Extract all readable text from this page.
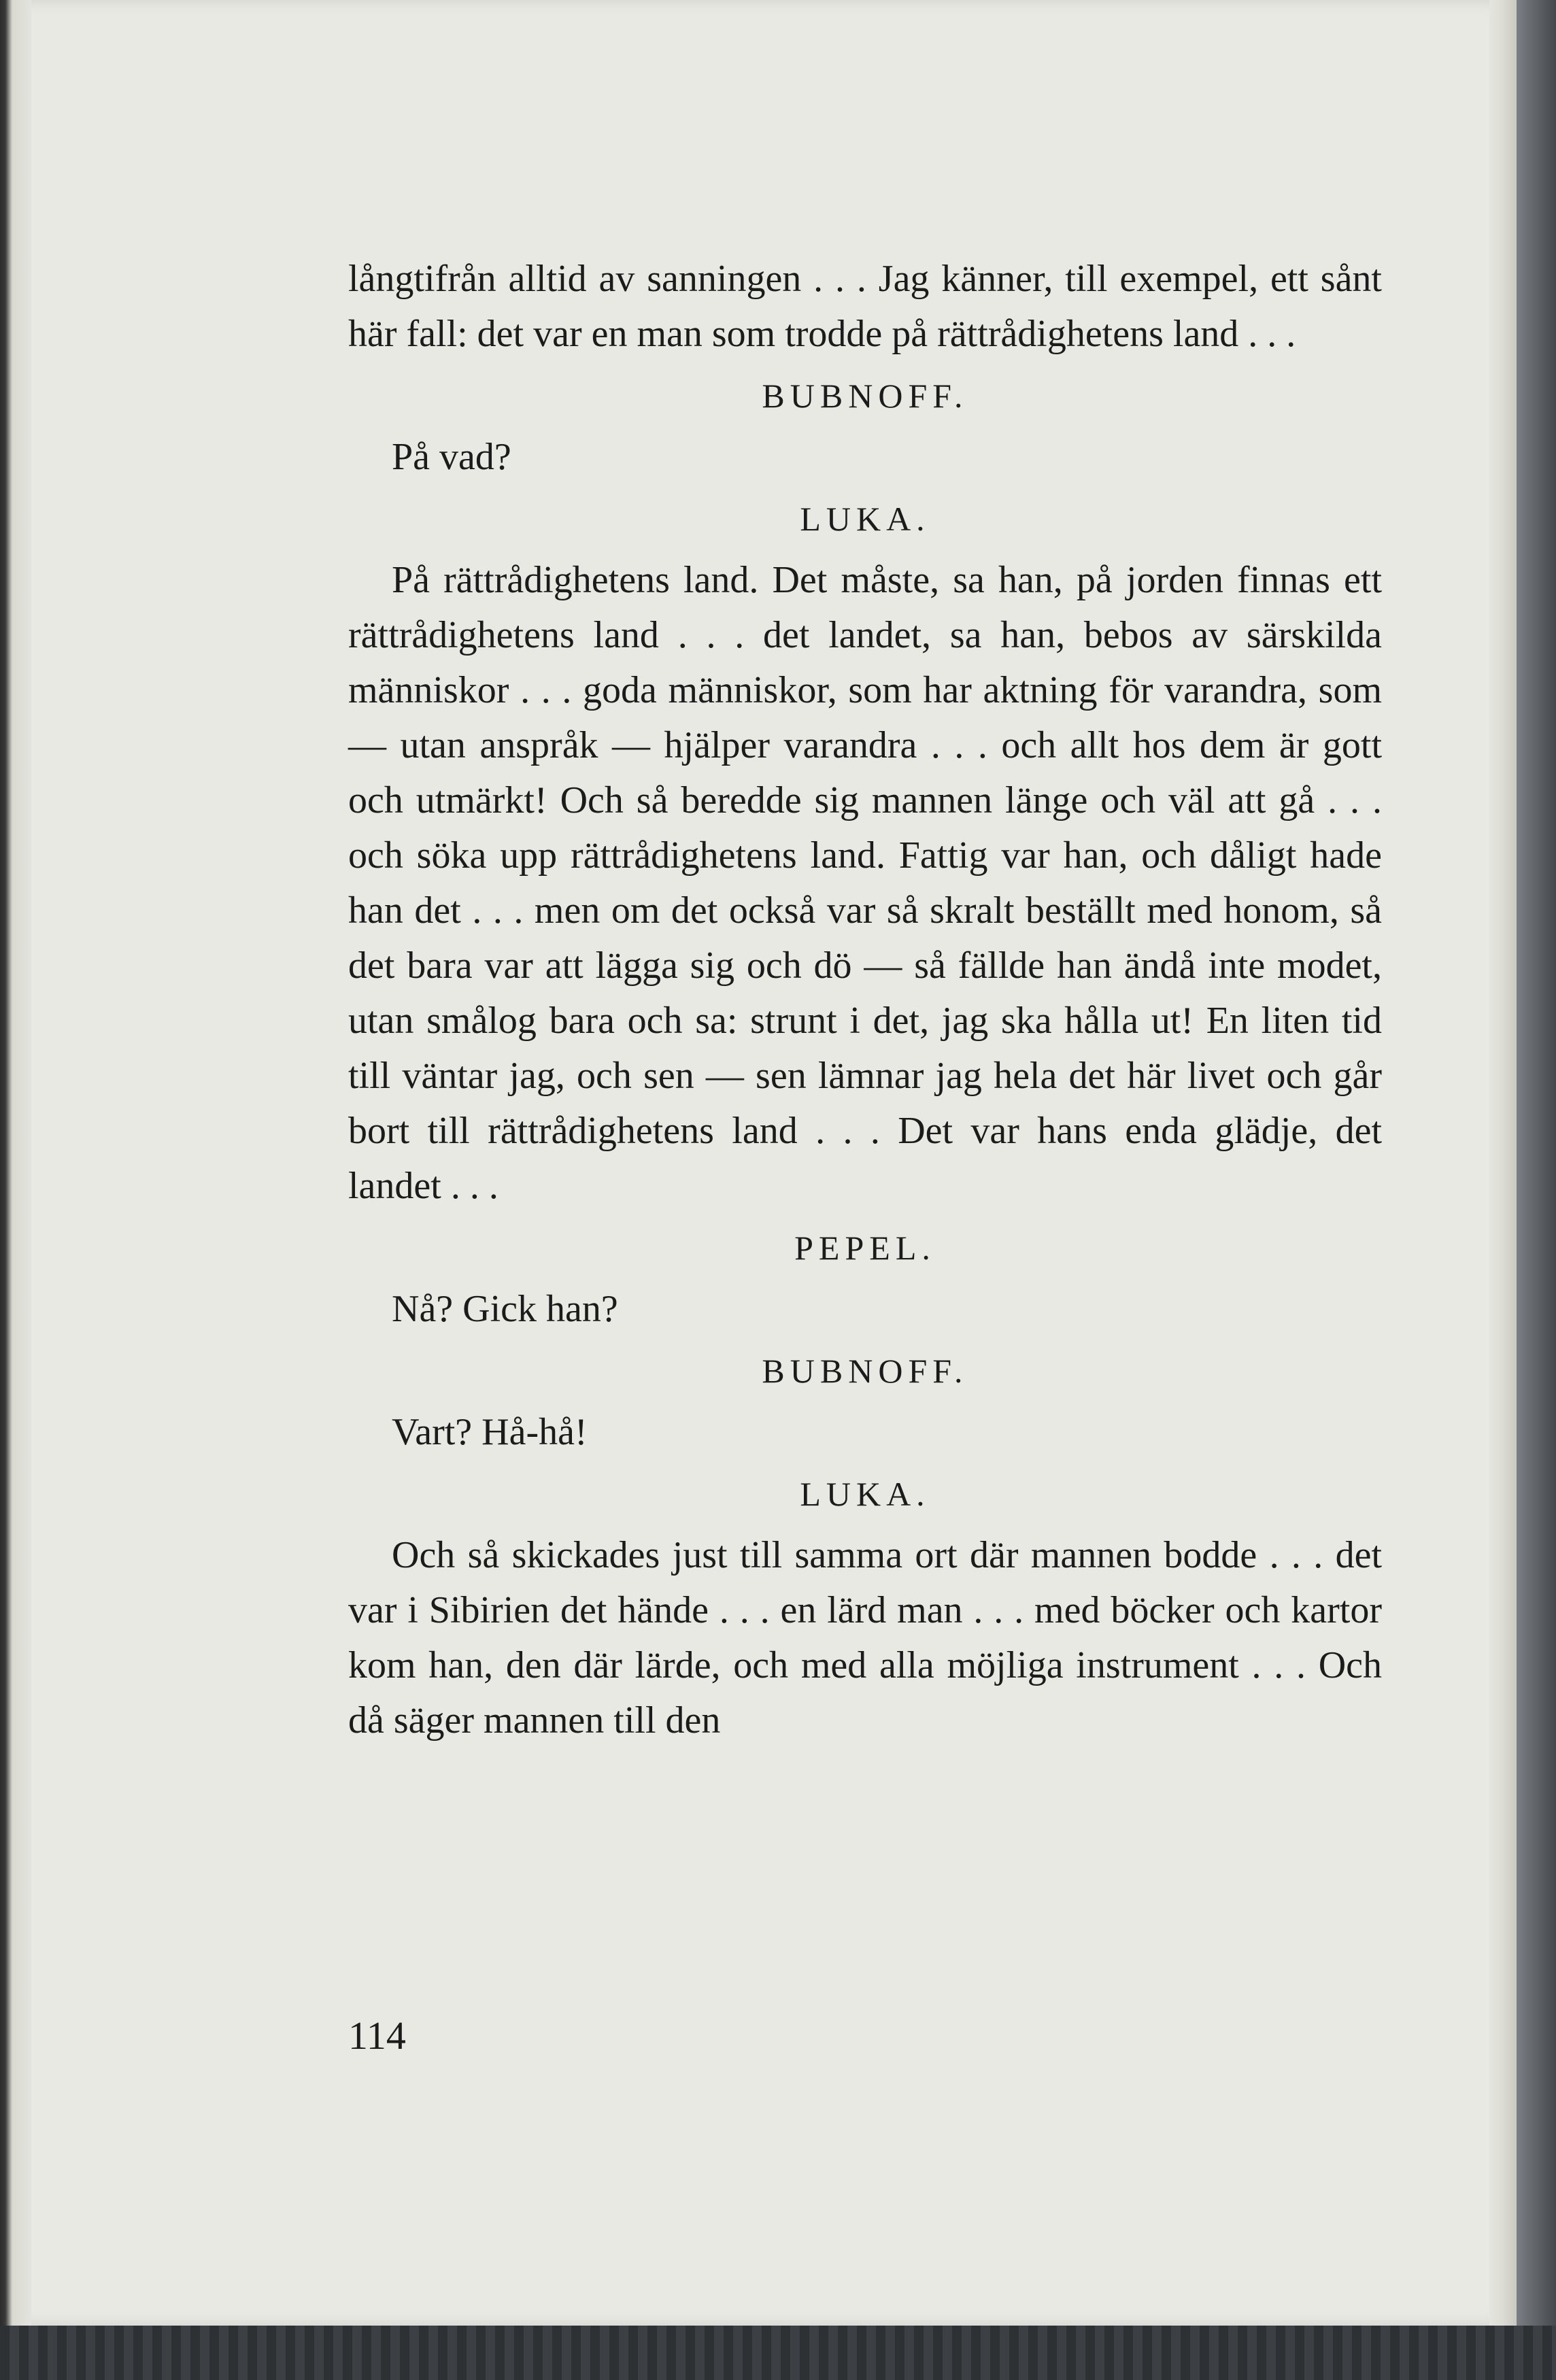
långtifrån alltid av sanningen . . . Jag känner, till exempel, ett sånt här fall: det var en man som trodde på rättrådighetens land . . .

BUBNOFF.

På vad?

LUKA.

På rättrådighetens land. Det måste, sa han, på jorden finnas ett rättrådighetens land . . . det landet, sa han, bebos av särskilda människor . . . goda människor, som har aktning för varandra, som — utan anspråk — hjälper varandra . . . och allt hos dem är gott och utmärkt! Och så beredde sig mannen länge och väl att gå . . . och söka upp rättrådighetens land. Fattig var han, och dåligt hade han det . . . men om det också var så skralt beställt med honom, så det bara var att lägga sig och dö — så fällde han ändå inte modet, utan smålog bara och sa: strunt i det, jag ska hålla ut! En liten tid till väntar jag, och sen — sen lämnar jag hela det här livet och går bort till rättrådighetens land . . . Det var hans enda glädje, det landet . . .

PEPEL.

Nå? Gick han?

BUBNOFF.

Vart? Hå-hå!

LUKA.

Och så skickades just till samma ort där mannen bodde . . . det var i Sibirien det hände . . . en lärd man . . . med böcker och kartor kom han, den där lärde, och med alla möjliga instrument . . . Och då säger mannen till den

114
